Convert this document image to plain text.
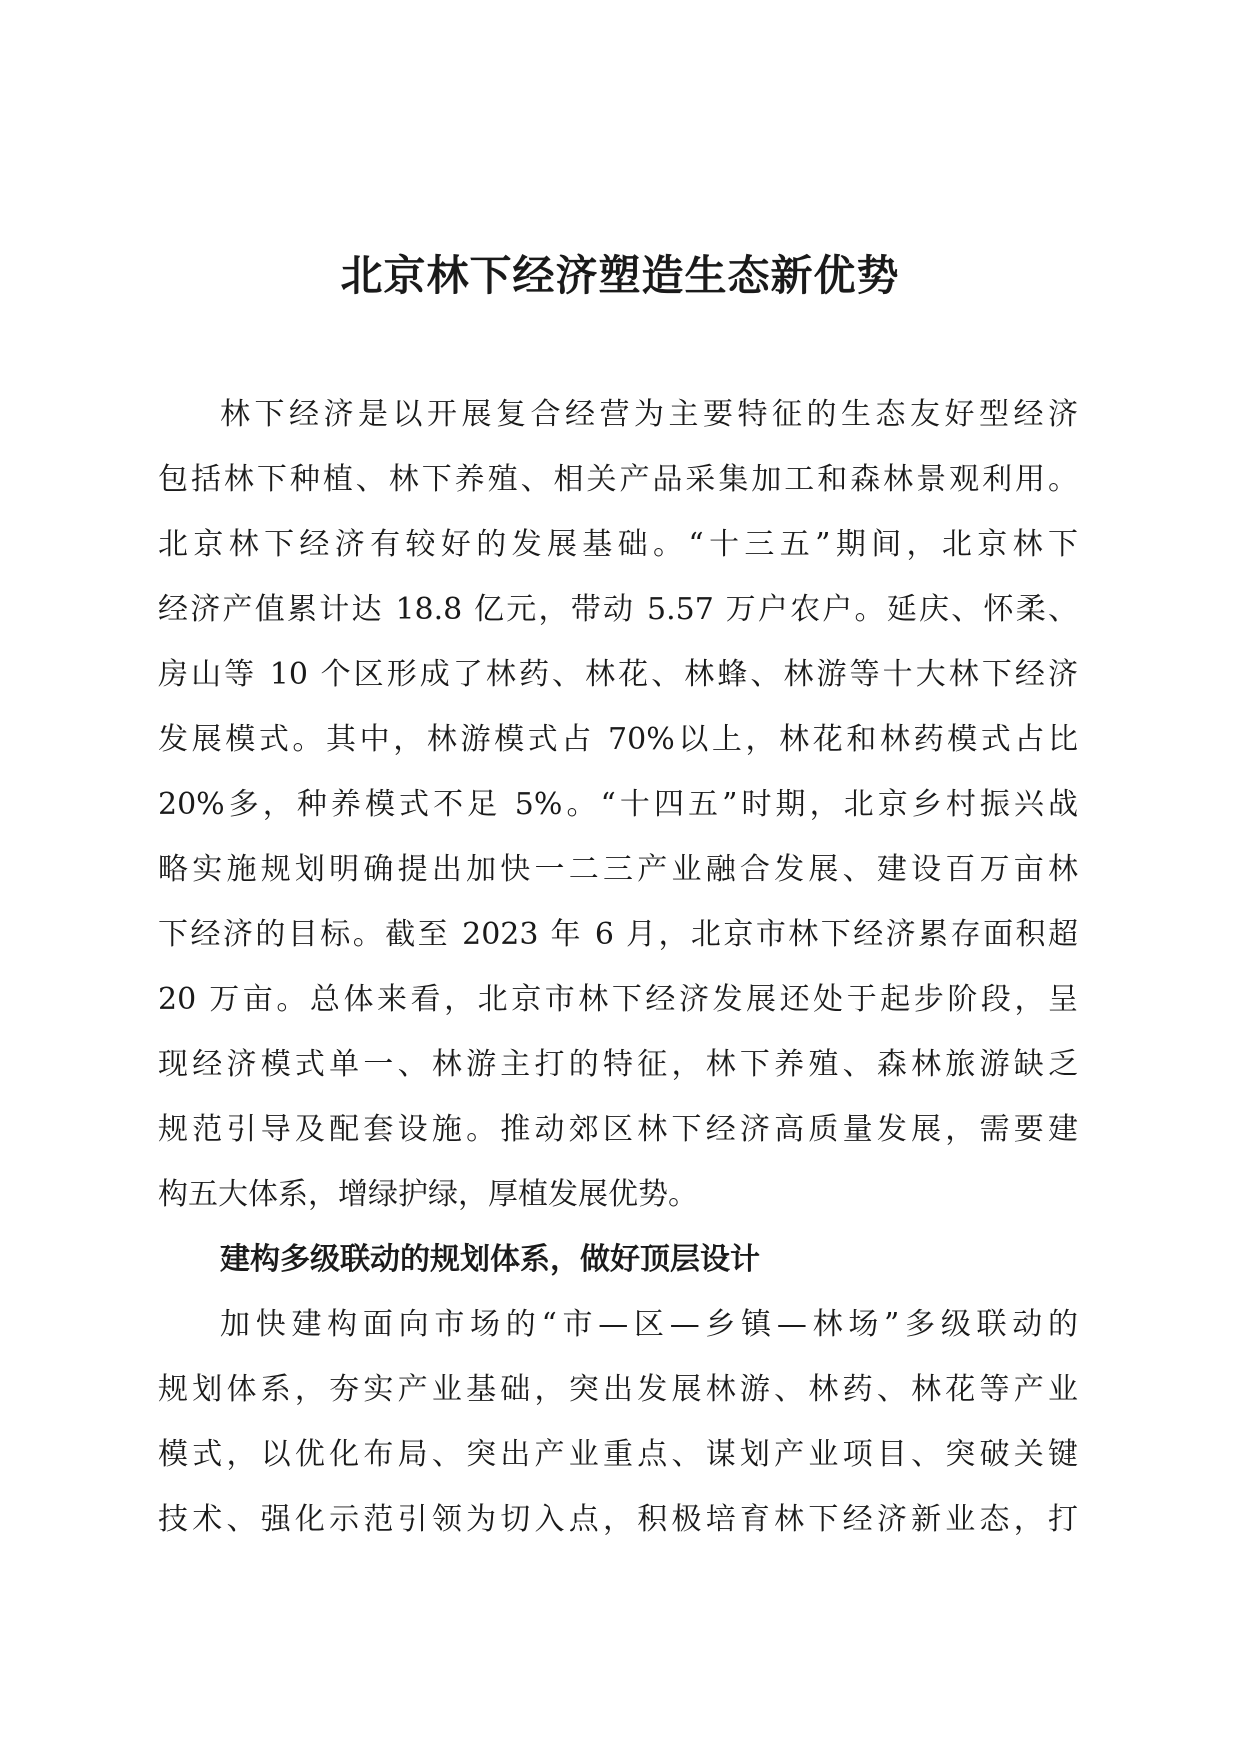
北京林下经济塑造生态新优势
林下经济是以开展复合经营为主要特征的生态友好型经济
包括林下种植、林下养殖、相关产品采集加工和森林景观利用。
北京林下经济有较好的发展基础。“十三五”期间，北京林下
经济产值累计达 18.8 亿元，带动 5.57 万户农户。延庆、怀柔、
房山等 10 个区形成了林药、林花、林蜂、林游等十大林下经济
发展模式。其中，林游模式占 70%以上，林花和林药模式占比
20%多，种养模式不足 5%。“十四五”时期，北京乡村振兴战
略实施规划明确提出加快一二三产业融合发展、建设百万亩林
下经济的目标。截至 2023 年 6 月，北京市林下经济累存面积超
20 万亩。总体来看，北京市林下经济发展还处于起步阶段，呈
现经济模式单一、林游主打的特征，林下养殖、森林旅游缺乏
规范引导及配套设施。推动郊区林下经济高质量发展，需要建
构五大体系，增绿护绿，厚植发展优势。
建构多级联动的规划体系，做好顶层设计
加快建构面向市场的“市—区—乡镇—林场”多级联动的
规划体系，夯实产业基础，突出发展林游、林药、林花等产业
模式，以优化布局、突出产业重点、谋划产业项目、突破关键
技术、强化示范引领为切入点，积极培育林下经济新业态，打
